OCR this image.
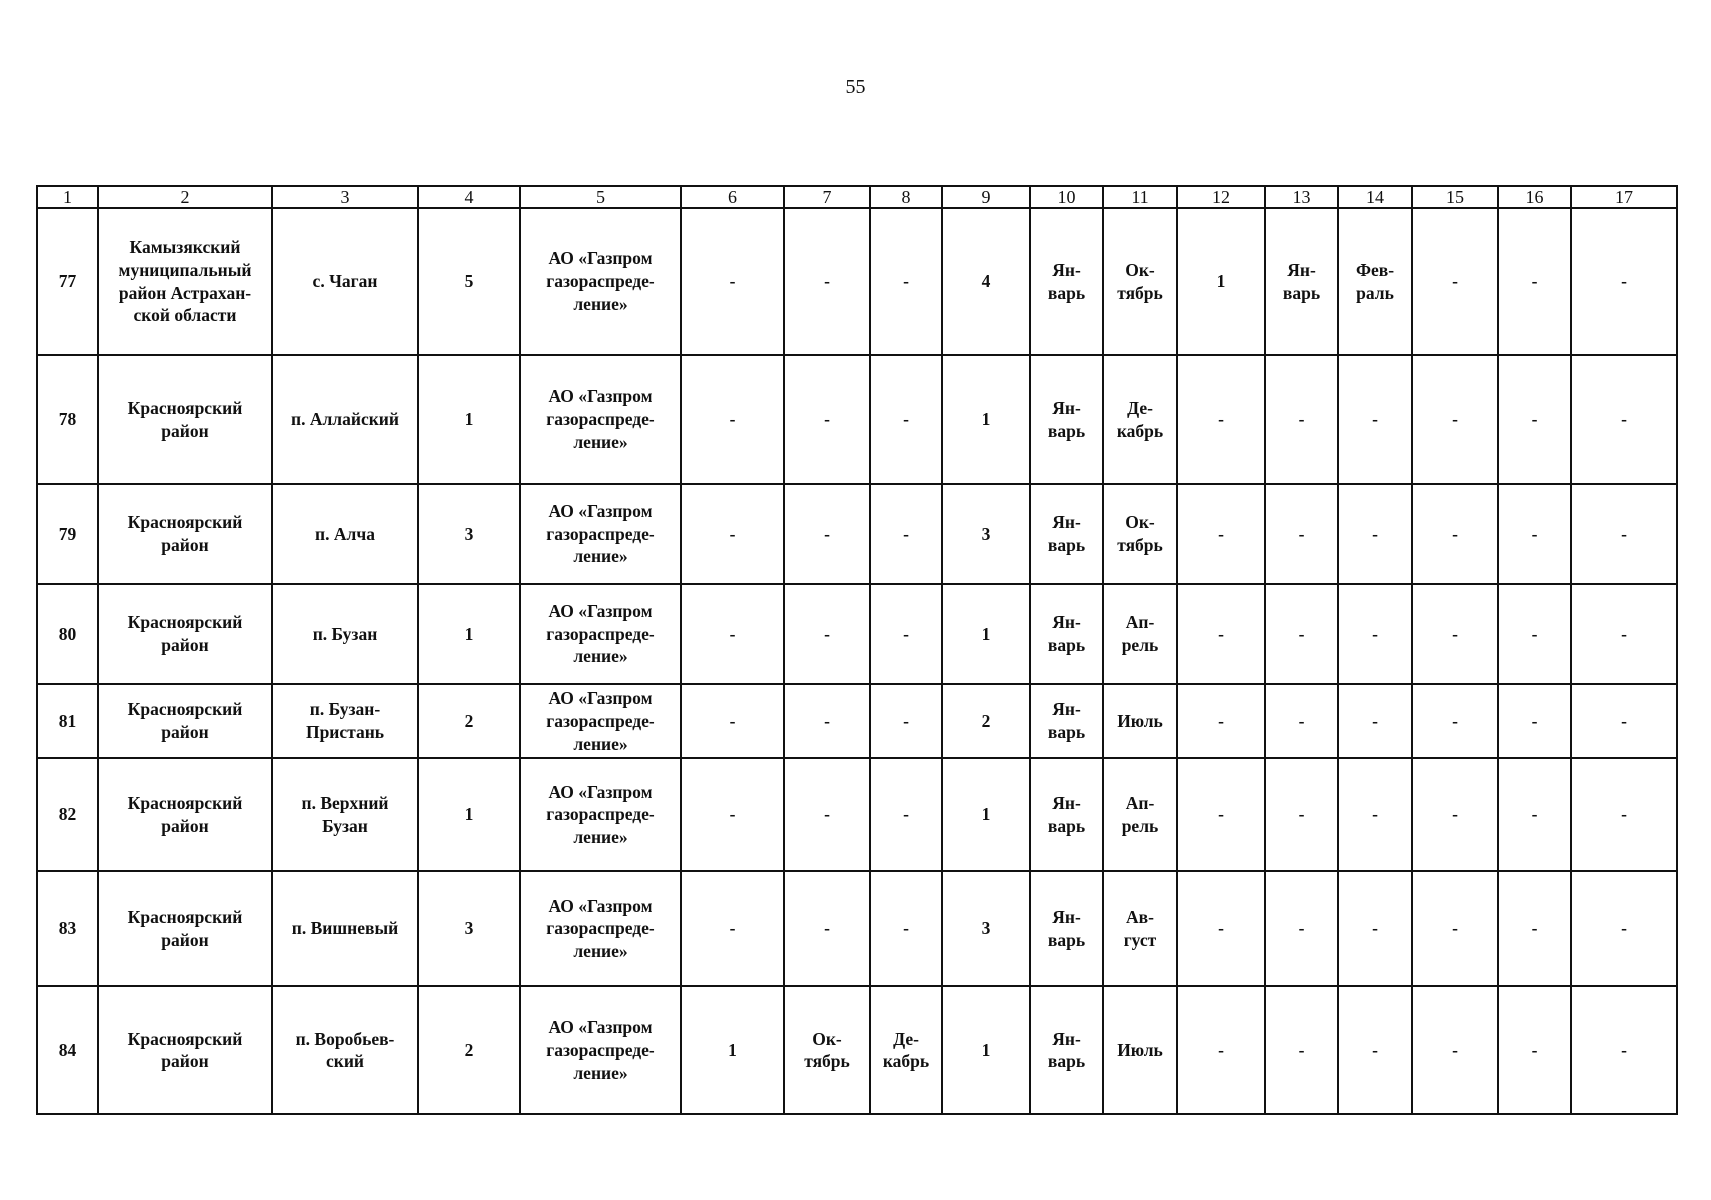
55
1	2	3	4	5	6	7	8	9	10	11	12	13	14	15	16	17

77	Камызякский
муниципальный
район Астрахан-
ской области	с. Чаган	5	АО «Газпром
газораспреде-
ление»	-	-	-	4	Ян-
варь	Ок-
тябрь	1	Ян-
варь	Фев-
раль	-	-	-

78	Красноярский
район	п. Аллайский	1	АО «Газпром
газораспреде-
ление»	-	-	-	1	Ян-
варь	Де-
кабрь	-	-	-	-	-	-

79	Красноярский
район	п. Алча	3	АО «Газпром
газораспреде-
ление»	-	-	-	3	Ян-
варь	Ок-
тябрь	-	-	-	-	-	-

80	Красноярский
район	п. Бузан	1	АО «Газпром
газораспреде-
ление»	-	-	-	1	Ян-
варь	Ап-
рель	-	-	-	-	-	-

81	Красноярский
район	п. Бузан-
Пристань	2	АО «Газпром
газораспреде-
ление»	-	-	-	2	Ян-
варь	Июль	-	-	-	-	-	-

82	Красноярский
район	п. Верхний
Бузан	1	АО «Газпром
газораспреде-
ление»	-	-	-	1	Ян-
варь	Ап-
рель	-	-	-	-	-	-

83	Красноярский
район	п. Вишневый	3	АО «Газпром
газораспреде-
ление»	-	-	-	3	Ян-
варь	Ав-
густ	-	-	-	-	-	-

84	Красноярский
район	п. Воробьев-
ский	2	АО «Газпром
газораспреде-
ление»	1	Ок-
тябрь	Де-
кабрь	1	Ян-
варь	Июль	-	-	-	-	-	-
